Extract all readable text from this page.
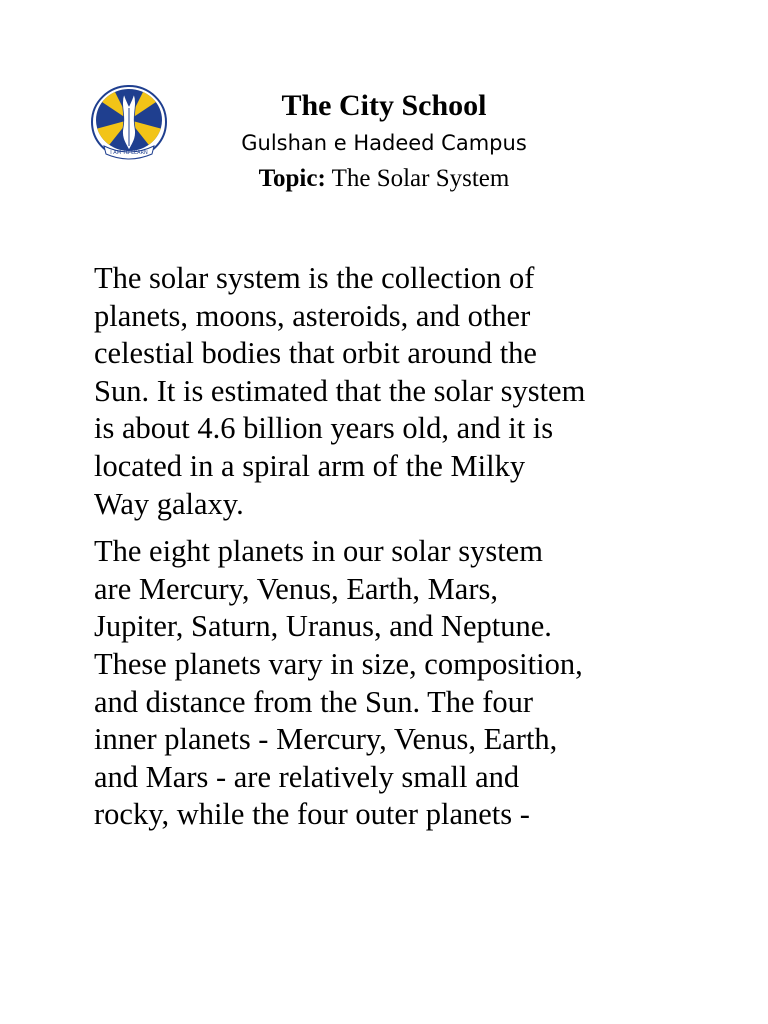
I AM TO LEARN
The City School
Gulshan e Hadeed Campus
Topic: The Solar System

The solar system is the collection of
planets, moons, asteroids, and other
celestial bodies that orbit around the
Sun. It is estimated that the solar system
is about 4.6 billion years old, and it is
located in a spiral arm of the Milky
Way galaxy.

The eight planets in our solar system
are Mercury, Venus, Earth, Mars,
Jupiter, Saturn, Uranus, and Neptune.
These planets vary in size, composition,
and distance from the Sun. The four
inner planets - Mercury, Venus, Earth,
and Mars - are relatively small and
rocky, while the four outer planets -
